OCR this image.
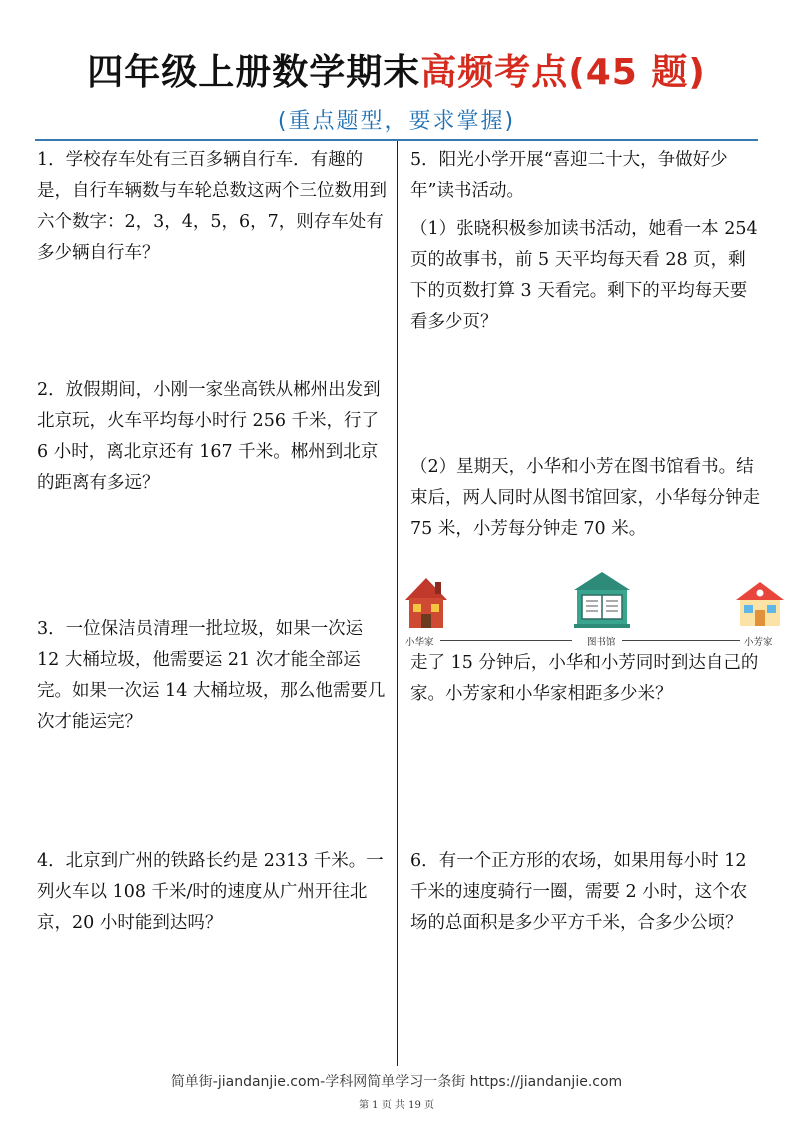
四年级上册数学期末高频考点(45 题)
(重点题型，要求掌握)

1．学校存车处有三百多辆自行车．有趣的是，自行车辆数与车轮总数这两个三位数用到六个数字：2，3，4，5，6，7，则存车处有多少辆自行车？

2．放假期间，小刚一家坐高铁从郴州出发到北京玩，火车平均每小时行 256 千米，行了 6 小时，离北京还有 167 千米。郴州到北京的距离有多远？

3．一位保洁员清理一批垃圾，如果一次运 12 大桶垃圾，他需要运 21 次才能全部运完。如果一次运 14 大桶垃圾，那么他需要几次才能运完？

4．北京到广州的铁路长约是 2313 千米。一列火车以 108 千米/时的速度从广州开往北京，20 小时能到达吗？

5．阳光小学开展“喜迎二十大，争做好少年”读书活动。

（1）张晓积极参加读书活动，她看一本 254 页的故事书，前 5 天平均每天看 28 页，剩下的页数打算 3 天看完。剩下的平均每天要看多少页？

（2）星期天，小华和小芳在图书馆看书。结束后，两人同时从图书馆回家，小华每分钟走 75 米，小芳每分钟走 70 米。

小华家	图书馆	小芳家

走了 15 分钟后，小华和小芳同时到达自己的家。小芳家和小华家相距多少米？

6．有一个正方形的农场，如果用每小时 12 千米的速度骑行一圈，需要 2 小时，这个农场的总面积是多少平方千米，合多少公顷？

简单街-jiandanjie.com-学科网简单学习一条街 https://jiandanjie.com
第 1 页 共 19 页
